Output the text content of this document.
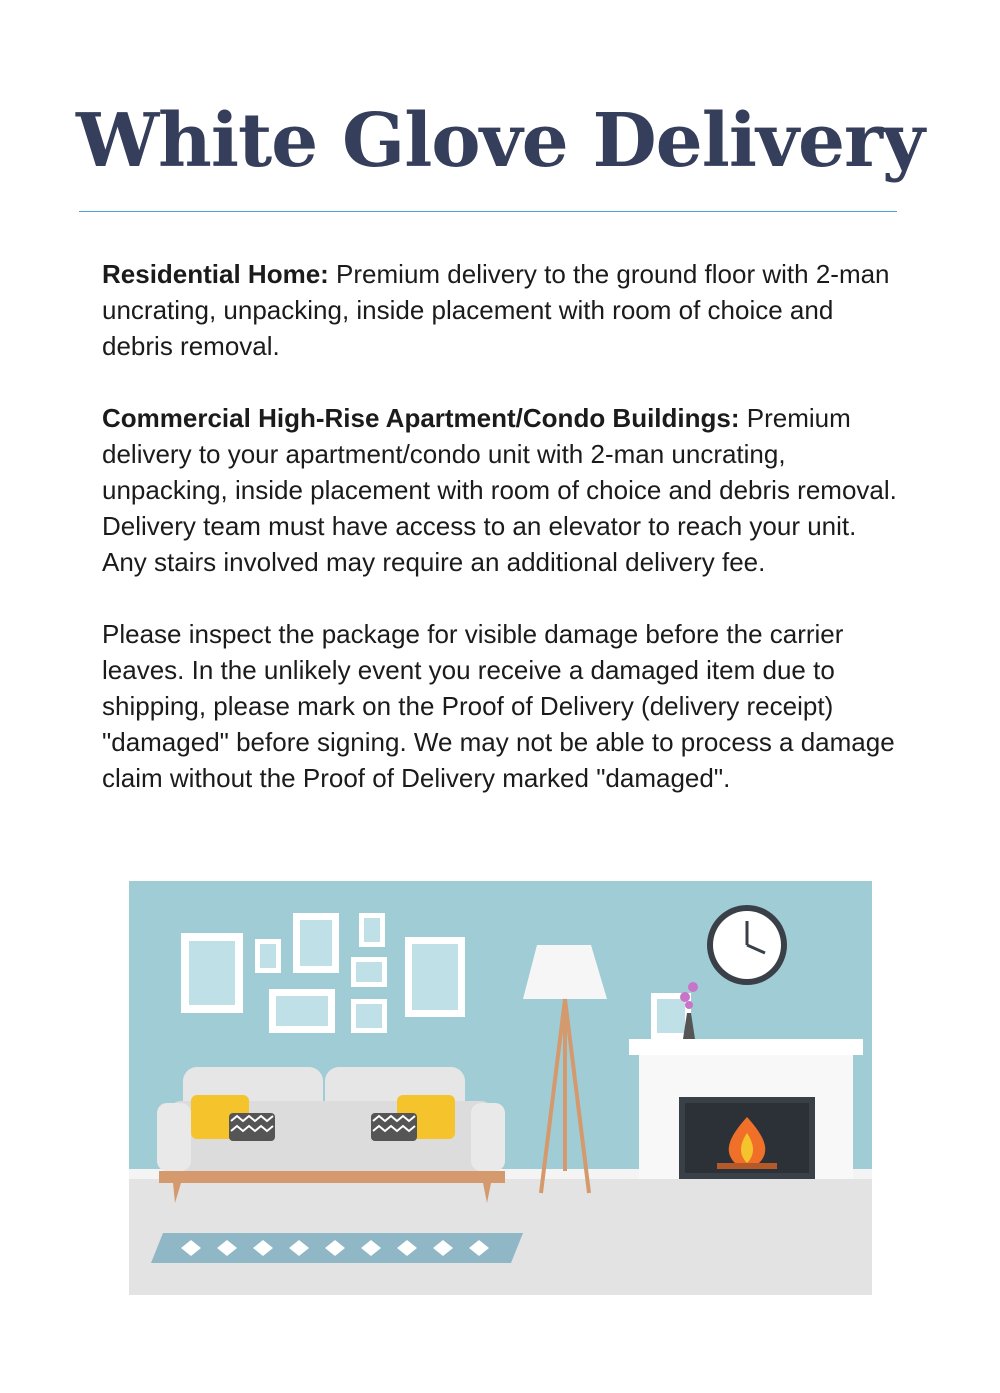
White Glove Delivery

Residential Home: Premium delivery to the ground floor with 2-man uncrating, unpacking, inside placement with room of choice and debris removal.

Commercial High-Rise Apartment/Condo Buildings: Premium delivery to your apartment/condo unit with 2-man uncrating, unpacking, inside placement with room of choice and debris removal. Delivery team must have access to an elevator to reach your unit. Any stairs involved may require an additional delivery fee.

Please inspect the package for visible damage before the carrier leaves. In the unlikely event you receive a damaged item due to shipping, please mark on the Proof of Delivery (delivery receipt) "damaged" before signing. We may not be able to process a damage claim without the Proof of Delivery marked "damaged".
